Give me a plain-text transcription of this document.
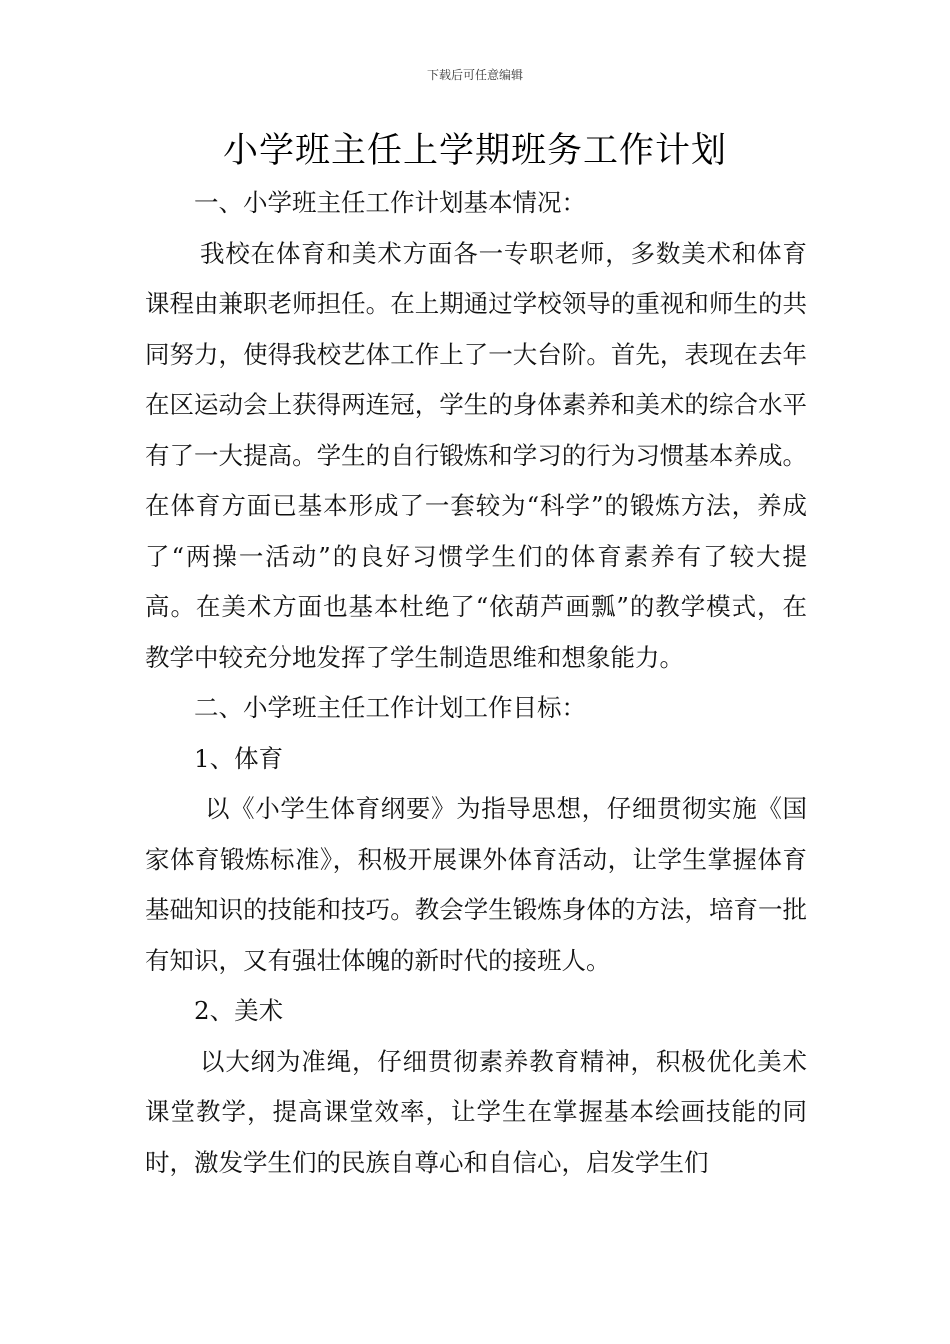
下载后可任意编辑
小学班主任上学期班务工作计划

一、小学班主任工作计划基本情况：

我校在体育和美术方面各一专职老师，多数美术和体育课程由兼职老师担任。在上期通过学校领导的重视和师生的共同努力，使得我校艺体工作上了一大台阶。首先，表现在去年在区运动会上获得两连冠，学生的身体素养和美术的综合水平有了一大提高。学生的自行锻炼和学习的行为习惯基本养成。在体育方面已基本形成了一套较为“科学”的锻炼方法，养成了“两操一活动”的良好习惯学生们的体育素养有了较大提高。在美术方面也基本杜绝了“依葫芦画瓢”的教学模式，在教学中较充分地发挥了学生制造思维和想象能力。

二、小学班主任工作计划工作目标：

1、体育

以《小学生体育纲要》为指导思想，仔细贯彻实施《国家体育锻炼标准》，积极开展课外体育活动，让学生掌握体育基础知识的技能和技巧。教会学生锻炼身体的方法，培育一批有知识，又有强壮体魄的新时代的接班人。

2、美术

以大纲为准绳，仔细贯彻素养教育精神，积极优化美术课堂教学，提高课堂效率，让学生在掌握基本绘画技能的同时，激发学生们的民族自尊心和自信心，启发学生们
